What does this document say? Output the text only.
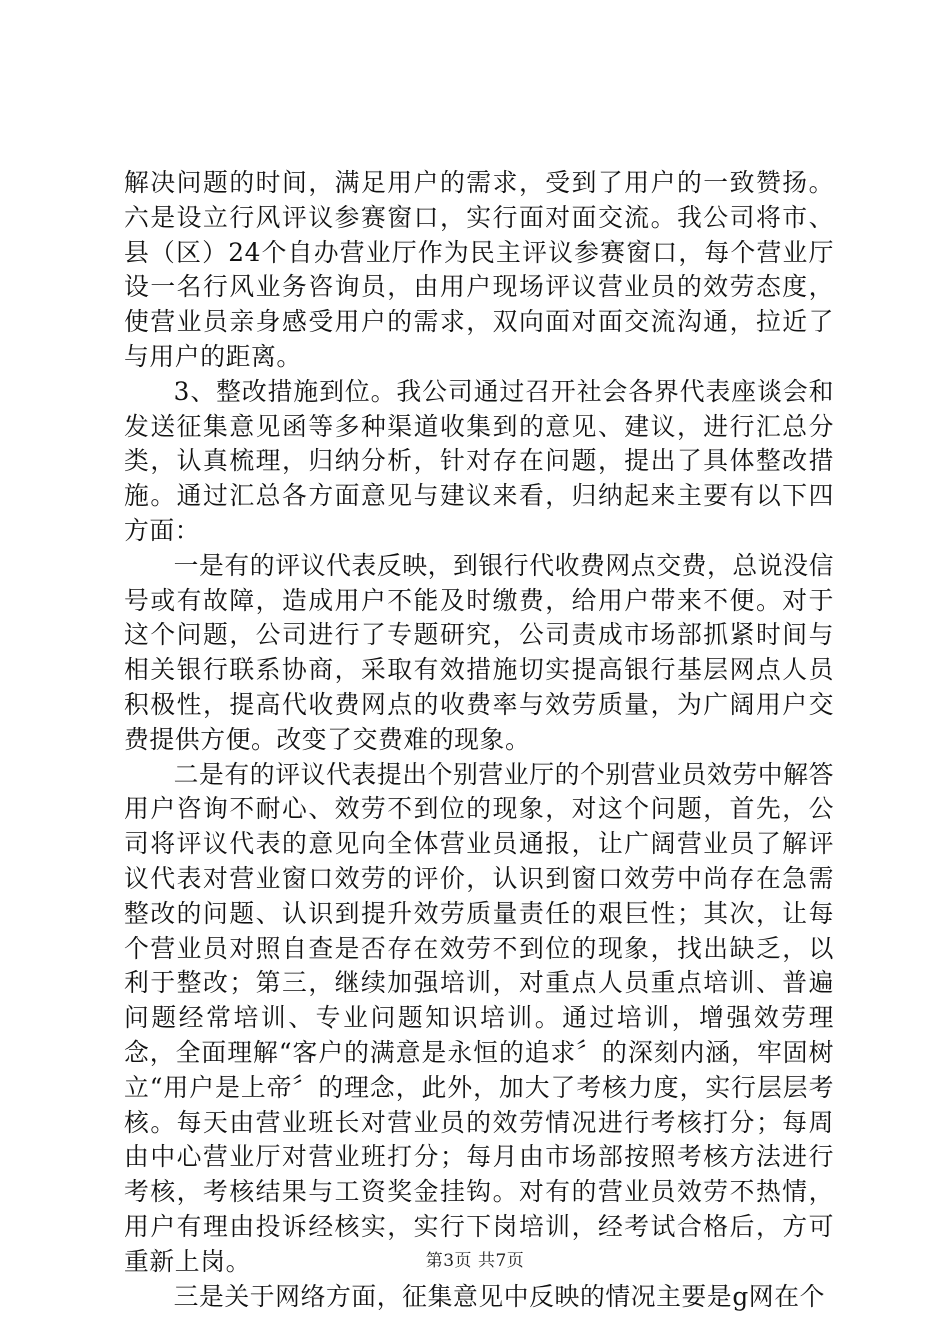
解决问题的时间，满足用户的需求，受到了用户的一致赞扬。六是设立行风评议参赛窗口，实行面对面交流。我公司将市、县（区）24个自办营业厅作为民主评议参赛窗口，每个营业厅设一名行风业务咨询员，由用户现场评议营业员的效劳态度，使营业员亲身感受用户的需求，双向面对面交流沟通，拉近了与用户的距离。

3、整改措施到位。我公司通过召开社会各界代表座谈会和发送征集意见函等多种渠道收集到的意见、建议，进行汇总分类，认真梳理，归纳分析，针对存在问题，提出了具体整改措施。通过汇总各方面意见与建议来看，归纳起来主要有以下四方面：

一是有的评议代表反映，到银行代收费网点交费，总说没信号或有故障，造成用户不能及时缴费，给用户带来不便。对于这个问题，公司进行了专题研究，公司责成市场部抓紧时间与相关银行联系协商，采取有效措施切实提高银行基层网点人员积极性，提高代收费网点的收费率与效劳质量，为广阔用户交费提供方便。改变了交费难的现象。

二是有的评议代表提出个别营业厅的个别营业员效劳中解答用户咨询不耐心、效劳不到位的现象，对这个问题，首先，公司将评议代表的意见向全体营业员通报，让广阔营业员了解评议代表对营业窗口效劳的评价，认识到窗口效劳中尚存在急需整改的问题、认识到提升效劳质量责任的艰巨性；其次，让每个营业员对照自查是否存在效劳不到位的现象，找出缺乏，以利于整改；第三，继续加强培训，对重点人员重点培训、普遍问题经常培训、专业问题知识培训。通过培训，增强效劳理念，全面理解“客户的满意是永恒的追求〞的深刻内涵，牢固树立“用户是上帝〞的理念，此外，加大了考核力度，实行层层考核。每天由营业班长对营业员的效劳情况进行考核打分；每周由中心营业厅对营业班打分；每月由市场部按照考核方法进行考核，考核结果与工资奖金挂钩。对有的营业员效劳不热情，用户有理由投诉经核实，实行下岗培训，经考试合格后，方可重新上岗。

三是关于网络方面，征集意见中反映的情况主要是g网在个

第3页 共7页
